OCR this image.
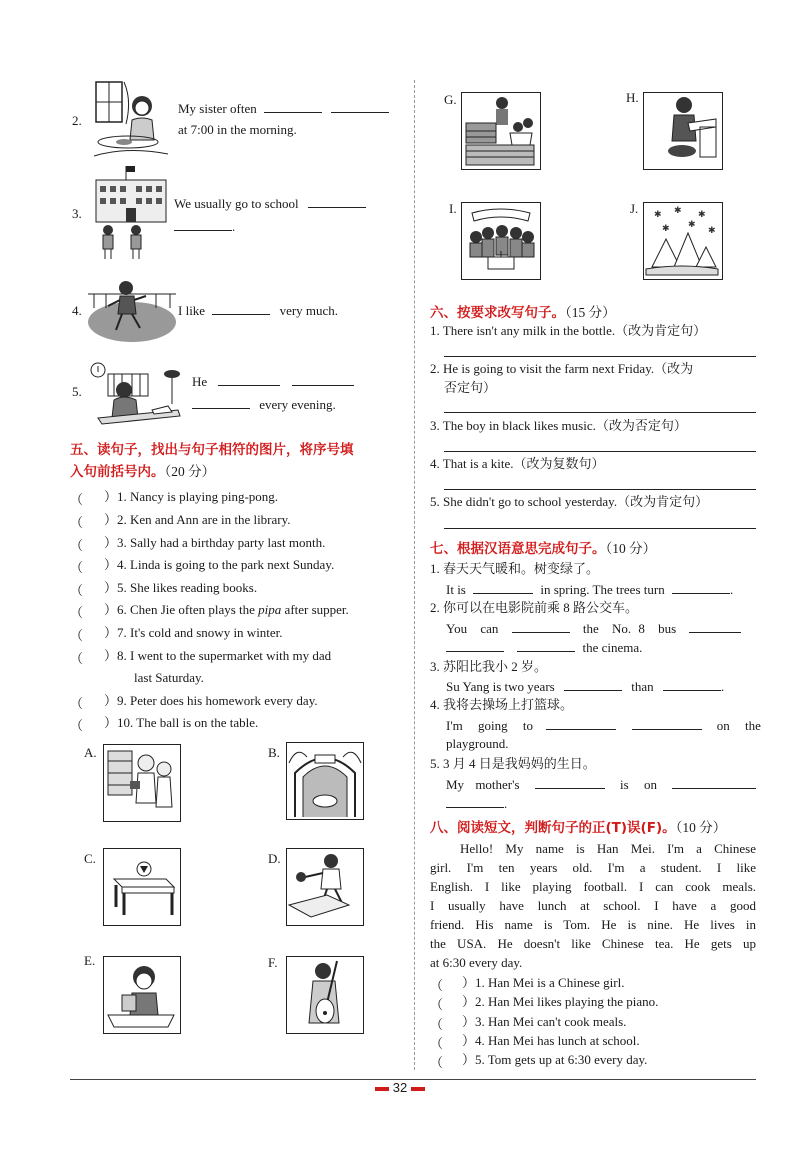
2.
My sister often
at 7:00 in the morning.
3.
We usually go to school
.
4.	I like	very much.
5.
He
every evening.
五、读句子，找出与句子相符的图片，将序号填
入句前括号内。（20 分）
（ ）1. Nancy is playing ping-pong.
（ ）2. Ken and Ann are in the library.
（ ）3. Sally had a birthday party last month.
（ ）4. Linda is going to the park next Sunday.
（ ）5. She likes reading books.
（ ）6. Chen Jie often plays the pipa after supper.
（ ）7. It's cold and snowy in winter.
（ ）8. I went to the supermarket with my dad
last Saturday.
（ ）9. Peter does his homework every day.
（ ）10. The ball is on the table.
A.	B.
C.	D.
E.	F.
G.	H.
I.	J. ✱ ✱ ✱
✱ ✱
✱
六、按要求改写句子。（15 分）
1. There isn't any milk in the bottle.（改为肯定句）
2. He is going to visit the farm next Friday.（改为
否定句）
3. The boy in black likes music.（改为否定句）
4. That is a kite.（改为复数句）
5. She didn't go to school yesterday.（改为肯定句）
七、根据汉语意思完成句子。（10 分）
1. 春天天气暖和。树变绿了。
It is	in spring. The trees turn	.
2. 你可以在电影院前乘 8 路公交车。
You can	the No. 8 bus
the cinema.
3. 苏阳比我小 2 岁。
Su Yang is two years	than	.
4. 我将去操场上打篮球。
I'm going to	on the
playground.
5. 3 月 4 日是我妈妈的生日。
My mother's	is on
.
八、阅读短文，判断句子的正(T)误(F)。（10 分）
Hello! My name is Han Mei. I'm a Chinese
girl. I'm ten years old. I'm a student. I like
English. I like playing football. I can cook meals.
I usually have lunch at school. I have a good
friend. His name is Tom. He is nine. He lives in
the USA. He doesn't like Chinese tea. He gets up
at 6:30 every day.
（ ）1. Han Mei is a Chinese girl.
（ ）2. Han Mei likes playing the piano.
（ ）3. Han Mei can't cook meals.
（ ）4. Han Mei has lunch at school.
（ ）5. Tom gets up at 6:30 every day.
32
